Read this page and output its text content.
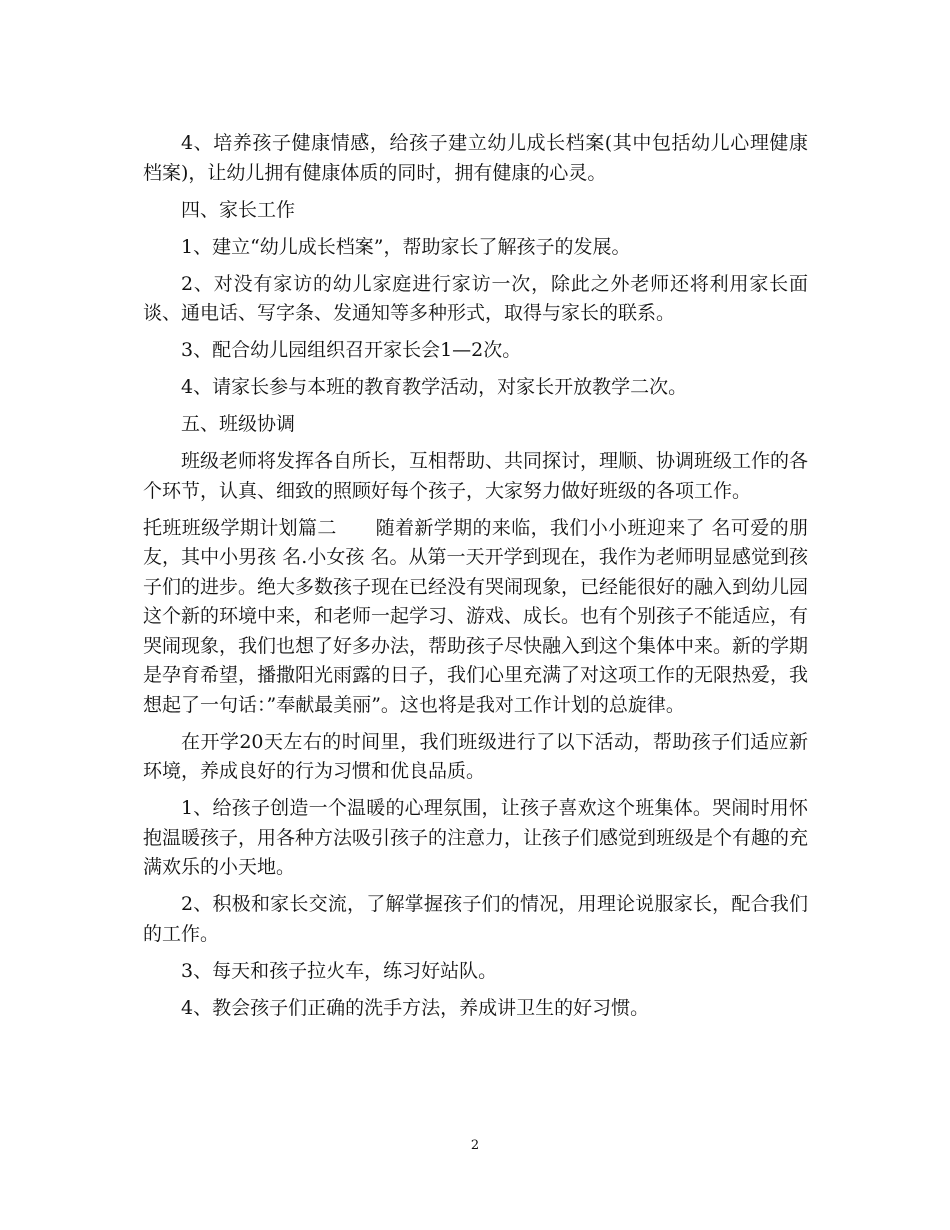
4、培养孩子健康情感，给孩子建立幼儿成长档案(其中包括幼儿心理健康档案)，让幼儿拥有健康体质的同时，拥有健康的心灵。

四、家长工作

1、建立“幼儿成长档案”，帮助家长了解孩子的发展。

2、对没有家访的幼儿家庭进行家访一次，除此之外老师还将利用家长面谈、通电话、写字条、发通知等多种形式，取得与家长的联系。

3、配合幼儿园组织召开家长会1—2次。

4、请家长参与本班的教育教学活动，对家长开放教学二次。

五、班级协调

班级老师将发挥各自所长，互相帮助、共同探讨，理顺、协调班级工作的各个环节，认真、细致的照顾好每个孩子，大家努力做好班级的各项工作。

托班班级学期计划篇二　　随着新学期的来临，我们小小班迎来了 名可爱的朋友，其中小男孩 名.小女孩 名。从第一天开学到现在，我作为老师明显感觉到孩子们的进步。绝大多数孩子现在已经没有哭闹现象，已经能很好的融入到幼儿园这个新的环境中来，和老师一起学习、游戏、成长。也有个别孩子不能适应，有哭闹现象，我们也想了好多办法，帮助孩子尽快融入到这个集体中来。新的学期是孕育希望，播撒阳光雨露的日子，我们心里充满了对这项工作的无限热爱，我想起了一句话：”奉献最美丽”。这也将是我对工作计划的总旋律。

在开学20天左右的时间里，我们班级进行了以下活动，帮助孩子们适应新环境，养成良好的行为习惯和优良品质。

1、给孩子创造一个温暖的心理氛围，让孩子喜欢这个班集体。哭闹时用怀抱温暖孩子，用各种方法吸引孩子的注意力，让孩子们感觉到班级是个有趣的充满欢乐的小天地。

2、积极和家长交流，了解掌握孩子们的情况，用理论说服家长，配合我们的工作。

3、每天和孩子拉火车，练习好站队。

4、教会孩子们正确的洗手方法，养成讲卫生的好习惯。

2
